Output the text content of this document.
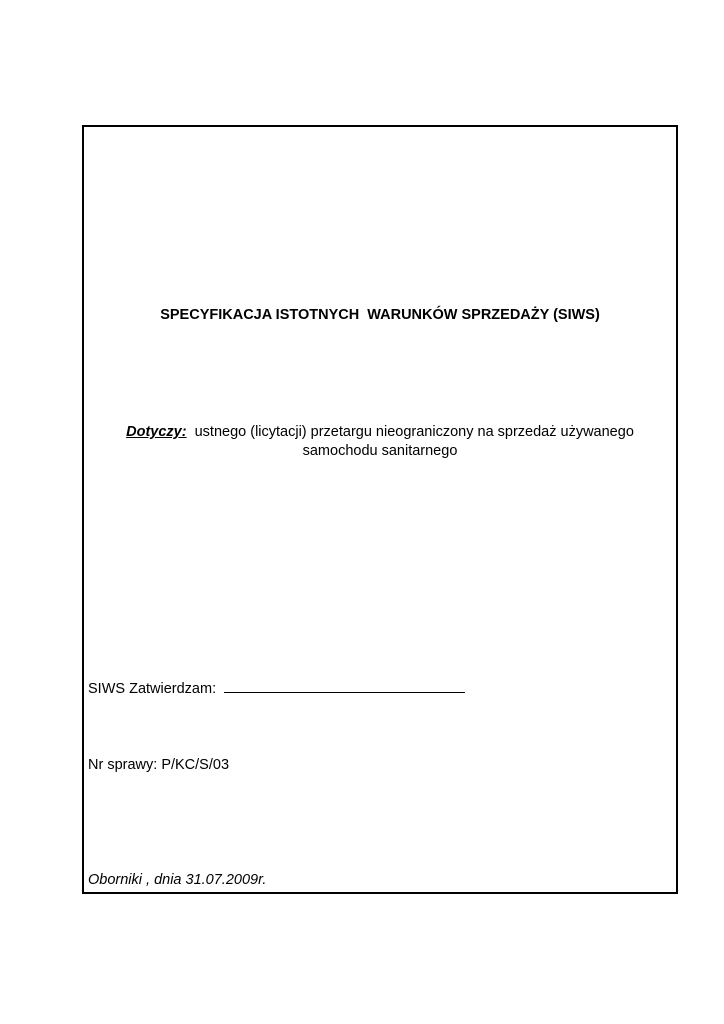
SPECYFIKACJA ISTOTNYCH  WARUNKÓW SPRZEDAŻY (SIWS)
Dotyczy: ustnego (licytacji) przetargu nieograniczony na sprzedaż używanego samochodu sanitarnego
SIWS Zatwierdzam:
Nr sprawy: P/KC/S/03
Oborniki , dnia 31.07.2009r.
